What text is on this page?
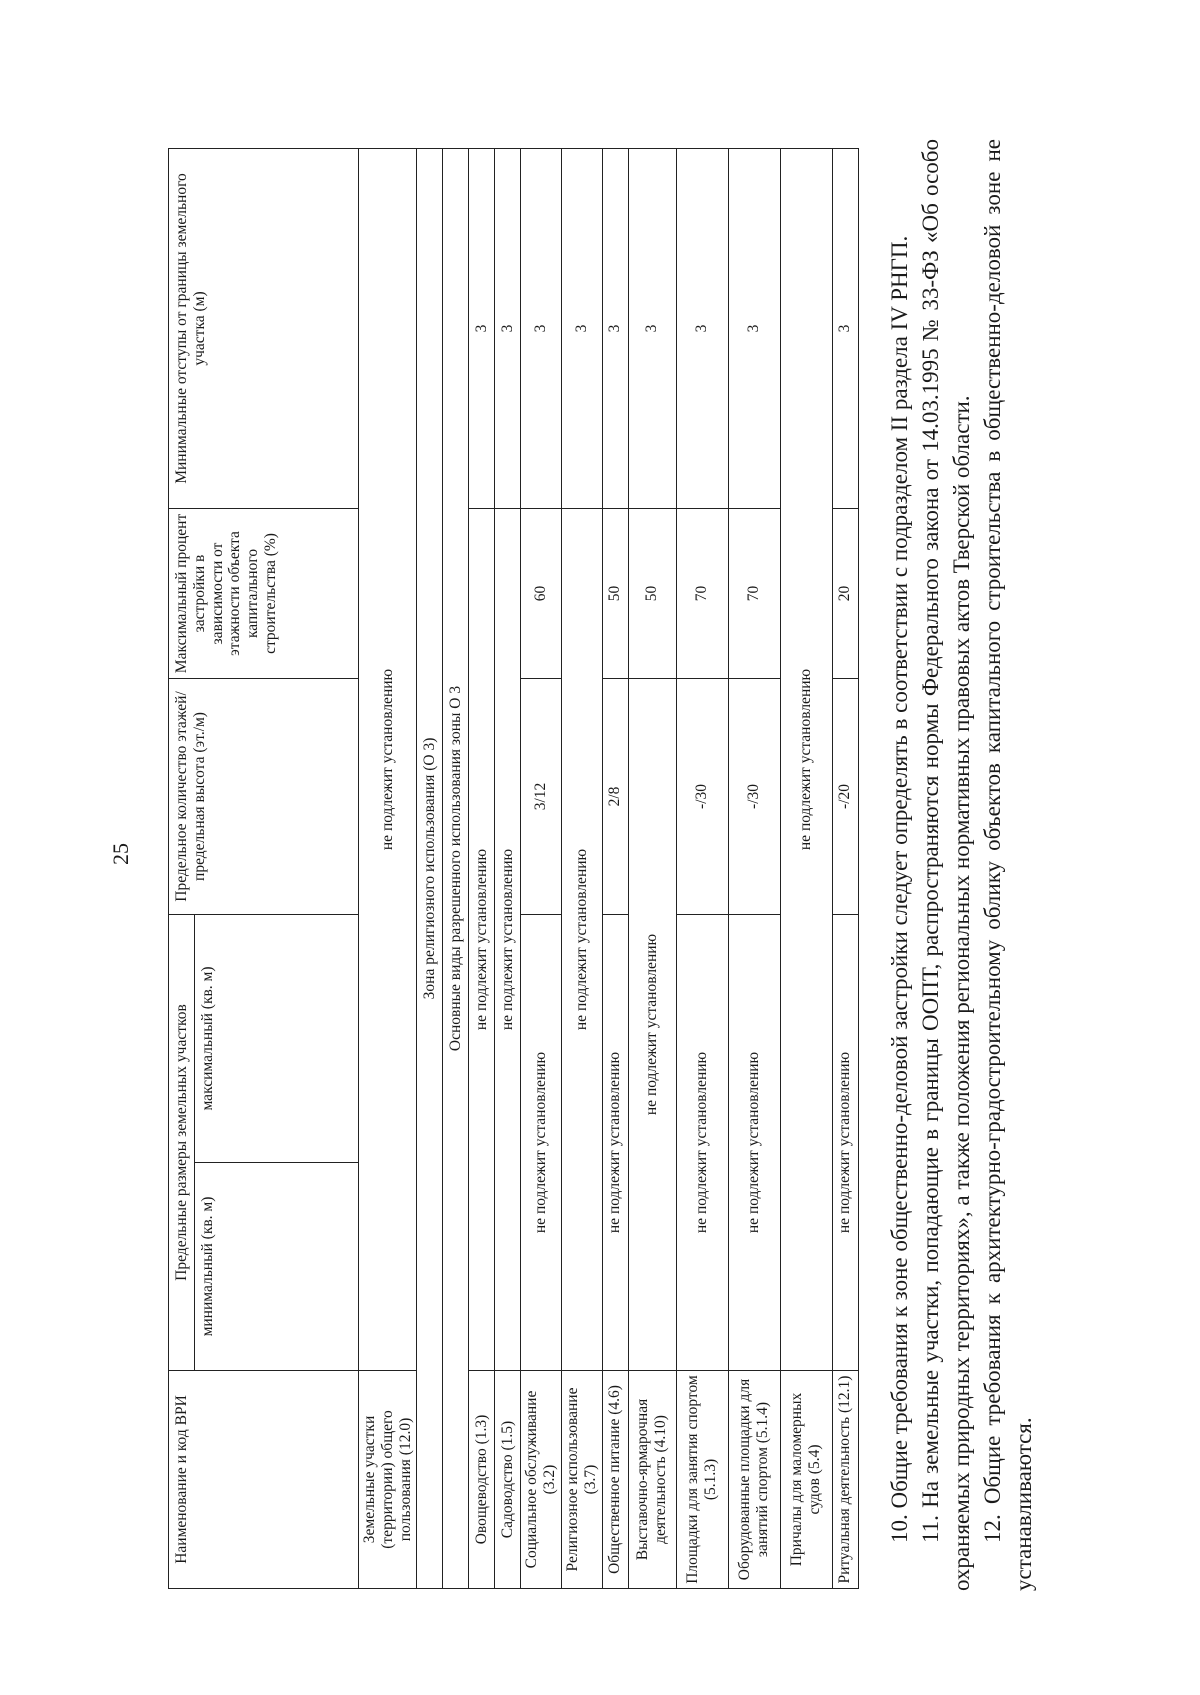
25
Наименование и код ВРИ	Предельные размеры земельных участков		Предельное количество этажей/ предельная высота (эт./м)	Максимальный процент застройки в зависимости от этажности объекта капитального строительства (%)	Минимальные отступы от границы земельного участка (м)
	минимальный (кв. м)	максимальный (кв. м)			
Земельные участки (территории) общего пользования (12.0)	не подлежит установлению				
Зона религиозного использования (О 3)					
Основные виды разрешенного использования зоны О 3					
Овощеводство (1.3)	не подлежит установлению				3
Садоводство (1.5)	не подлежит установлению				3
Социальное обслуживание (3.2)	не подлежит установлению		3/12	60	3
Религиозное использование (3.7)	не подлежит установлению				3
Общественное питание (4.6)	не подлежит установлению		2/8	50	3
Выставочно-ярмарочная деятельность (4.10)	не подлежит установлению			50	3
Площадки для занятия спортом (5.1.3)	не подлежит установлению		-/30	70	3
Оборудованные площадки для занятий спортом (5.1.4)	не подлежит установлению		-/30	70	3
Причалы для маломерных судов (5.4)	не подлежит установлению				
Ритуальная деятельность (12.1)	не подлежит установлению		-/20	20	3 10. Общие требования к зоне общественно-деловой застройки следует определять в соответствии с подразделом II раздела IV РНГП. 11. На земельные участки, попадающие в границы ООПТ, распространяются нормы Федерального закона от 14.03.1995 № 33-ФЗ «Об особо охраняемых природных территориях», а также положения региональных нормативных правовых актов Тверской области. 12. Общие требования к архитектурно-градостроительному облику объектов капитального строительства в общественно-деловой зоне не устанавливаются.
